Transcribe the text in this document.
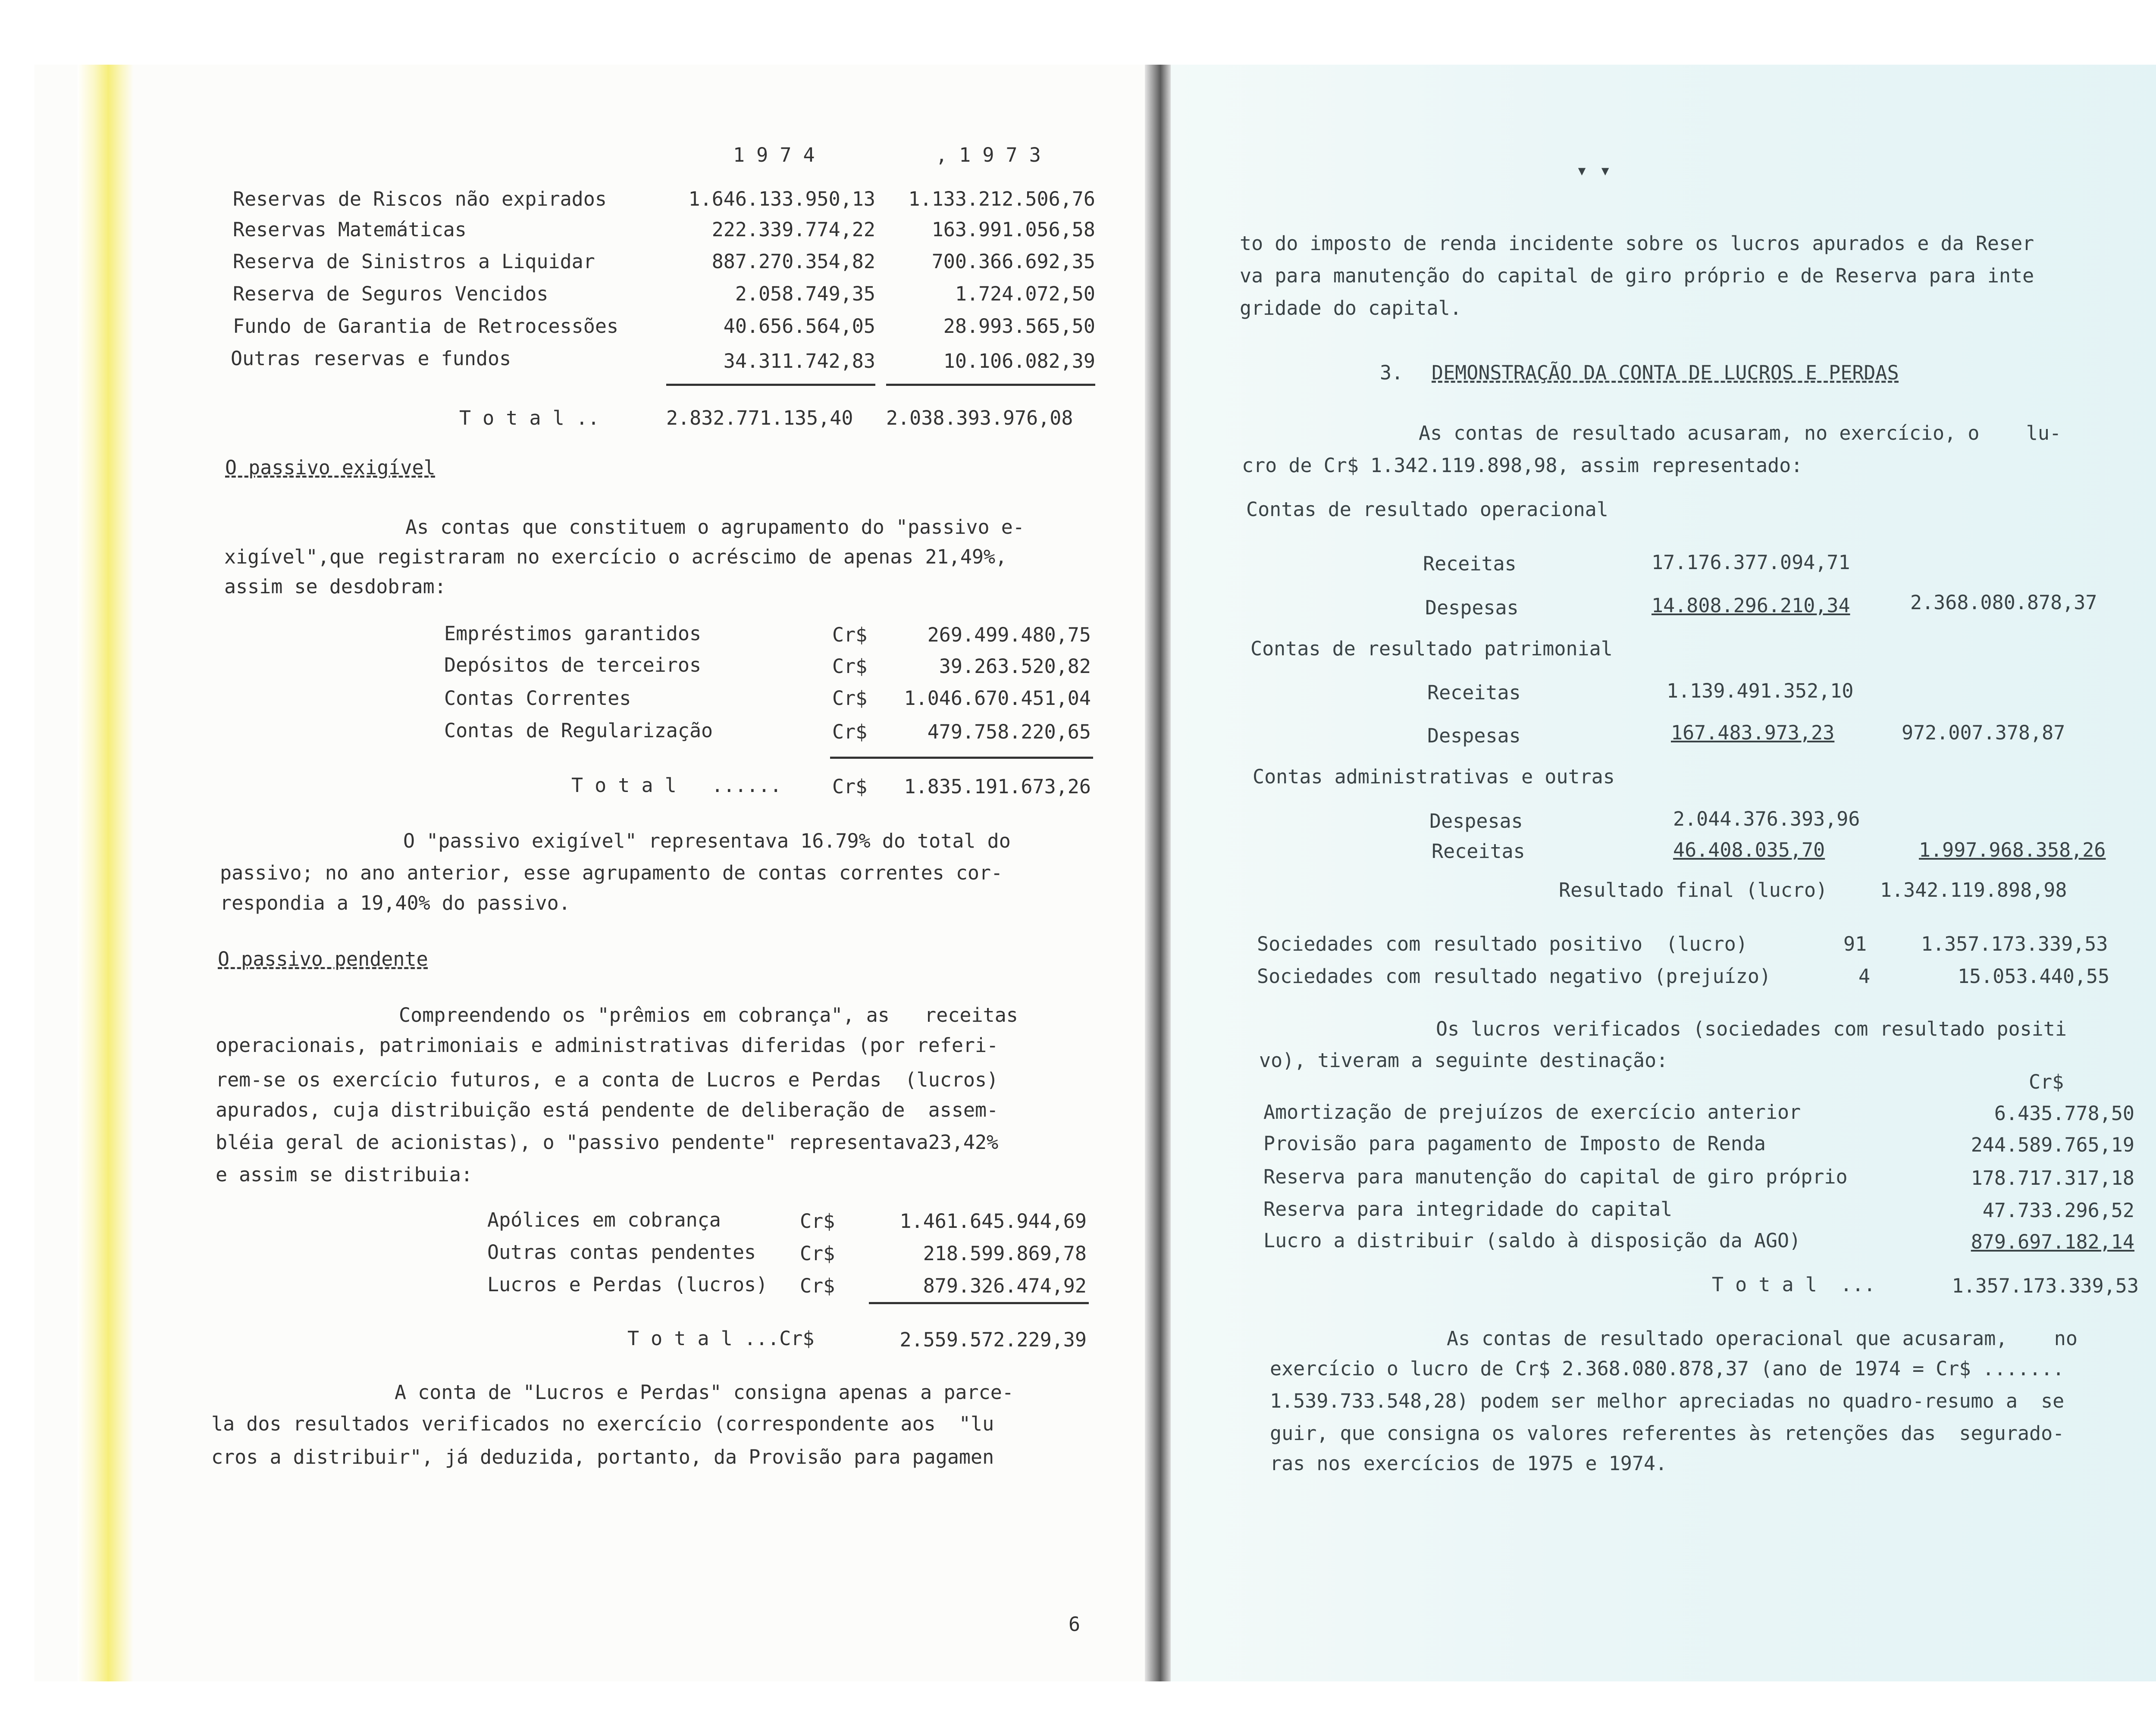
1 9 7 4	, 1 9 7 3
Reservas de Riscos não expirados	1.646.133.950,13	1.133.212.506,76
Reservas Matemáticas	222.339.774,22	163.991.056,58
Reserva de Sinistros a Liquidar	887.270.354,82	700.366.692,35
Reserva de Seguros Vencidos	2.058.749,35	1.724.072,50
Fundo de Garantia de Retrocessões	40.656.564,05	28.993.565,50
Outras reservas e fundos	34.311.742,83	10.106.082,39
T o t a l ..	2.832.771.135,40 2.038.393.976,08
O passivo exigível
As contas que constituem o agrupamento do "passivo e-
xigível",que registraram no exercício o acréscimo de apenas 21,49%,
assim se desdobram:
Empréstimos garantidos	Cr$	269.499.480,75
Depósitos de terceiros	Cr$	39.263.520,82
Contas Correntes	Cr$	1.046.670.451,04
Contas de Regularização	Cr$	479.758.220,65
T o t a l   ......	Cr$	1.835.191.673,26
O "passivo exigível" representava 16.79% do total do
passivo; no ano anterior, esse agrupamento de contas correntes cor-
respondia a 19,40% do passivo.
O passivo pendente
Compreendendo os "prêmios em cobrança", as   receitas
operacionais, patrimoniais e administrativas diferidas (por referi-
rem-se os exercício futuros, e a conta de Lucros e Perdas  (lucros)
apurados, cuja distribuição está pendente de deliberação de  assem-
bléia geral de acionistas), o "passivo pendente" representava23,42%
e assim se distribuia:
Apólices em cobrança	Cr$	1.461.645.944,69
Outras contas pendentes Cr$	218.599.869,78
Lucros e Perdas (lucros) Cr$	879.326.474,92
T o t a l ...Cr$	2.559.572.229,39
A conta de "Lucros e Perdas" consigna apenas a parce-
la dos resultados verificados no exercício (correspondente aos  "lu
cros a distribuir", já deduzida, portanto, da Provisão para pagamen
6
▾ ▾
to do imposto de renda incidente sobre os lucros apurados e da Reser
va para manutenção do capital de giro próprio e de Reserva para inte
gridade do capital.
3. DEMONSTRAÇÃO DA CONTA DE LUCROS E PERDAS
As contas de resultado acusaram, no exercício, o    lu-
cro de Cr$ 1.342.119.898,98, assim representado:
Contas de resultado operacional
Receitas	17.176.377.094,71
Despesas	14.808.296.210,34	2.368.080.878,37
Contas de resultado patrimonial
Receitas	1.139.491.352,10
Despesas	167.483.973,23	972.007.378,87
Contas administrativas e outras
Despesas	2.044.376.393,96
Receitas	46.408.035,70	1.997.968.358,26
Resultado final (lucro)	1.342.119.898,98
Sociedades com resultado positivo  (lucro)	91	1.357.173.339,53
Sociedades com resultado negativo (prejuízo)	4	15.053.440,55
Os lucros verificados (sociedades com resultado positi
vo), tiveram a seguinte destinação:
Cr$
Amortização de prejuízos de exercício anterior	6.435.778,50
Provisão para pagamento de Imposto de Renda	244.589.765,19
Reserva para manutenção do capital de giro próprio	178.717.317,18
Reserva para integridade do capital	47.733.296,52
Lucro a distribuir (saldo à disposição da AGO)	879.697.182,14
T o t a l  ...	1.357.173.339,53
As contas de resultado operacional que acusaram,    no
exercício o lucro de Cr$ 2.368.080.878,37 (ano de 1974 = Cr$ .......
1.539.733.548,28) podem ser melhor apreciadas no quadro-resumo a  se
guir, que consigna os valores referentes às retenções das  segurado-
ras nos exercícios de 1975 e 1974.
